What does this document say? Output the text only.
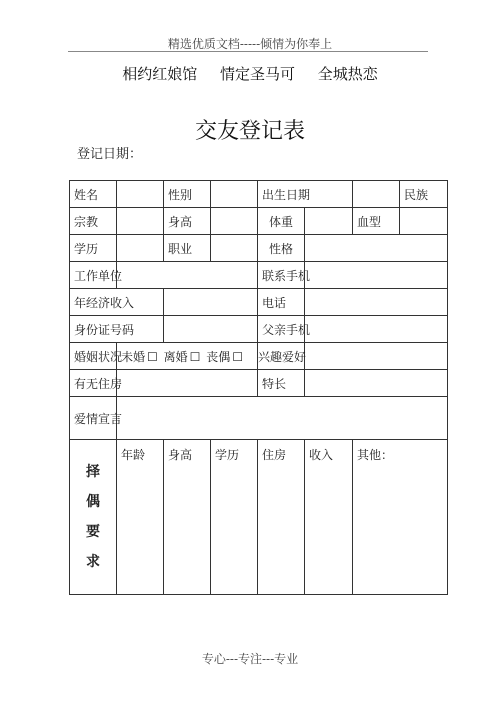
精选优质文档-----倾情为你奉上
相约红娘馆 情定圣马可 全城热恋
交友登记表
登记日期：
姓名		性别		出生日期			民族
宗教		身高		体重		血型	
学历		职业		性格			
工作单位				联系手机			
年经济收入				电话			
身份证号码				父亲手机			
婚姻状况	未婚 ☐ 离婚 ☐ 丧偶 ☐			兴趣爱好			
有无住房				特长			
爱情宣言							

择
偶
要
求	年龄	身高	学历	住房	收入	其他：	
专心---专注---专业
